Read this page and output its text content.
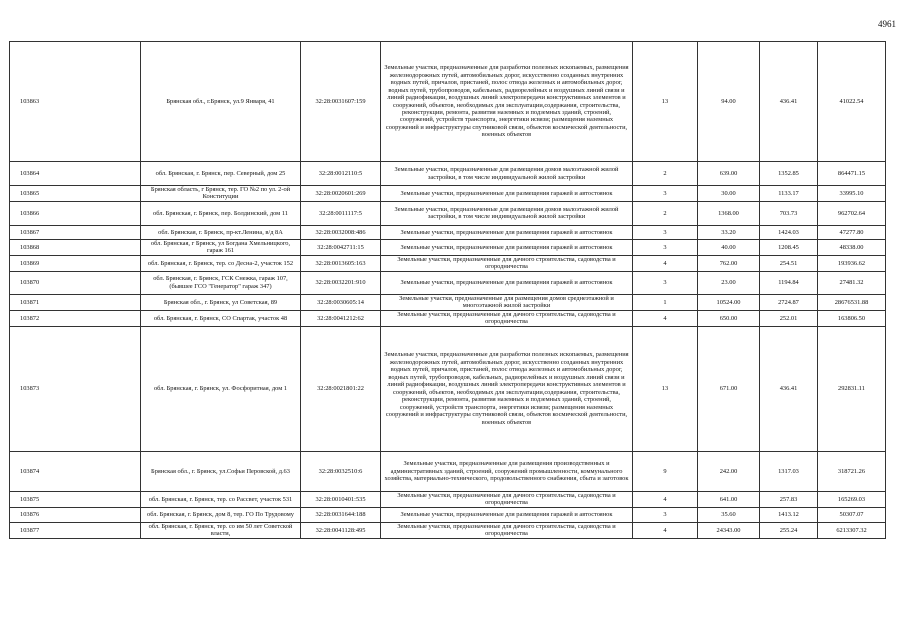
4961
103863	Брянская обл., г.Брянск, ул.9 Января, 41	32:28:0031607:159	Земельные участки, предназначенные для разработки полезных ископаемых, размещения железнодорожных путей, автомобильных дорог, искусственно созданных внутренних водных путей, причалов, пристаней, полос отвода железных и автомобильных дорог, водных путей, трубопроводов, кабельных, радиорелейных и воздушных линий связи и линий радиофикации, воздушных линий электропередачи конструктивных элементов и сооружений, объектов, необходимых для эксплуатации,содержания, строительства, реконструкции, ремонта, развития наземных и подземных зданий, строений, сооружений, устройств транспорта, энергетики исвязи; размещения наземных сооружений и инфраструктуры спутниковой связи, объектов космической деятельности, военных объектов	13	94.00	436.41	41022.54
103864	обл. Брянская, г. Брянск, пер. Северный, дом 25	32:28:0012110:5	Земельные участки, предназначенные для размещения домов малоэтажной жилой застройки, в том числе индивидуальной жилой застройки	2	639.00	1352.85	864471.15
103865	Брянская область, г Брянск, тер. ГО №2 по ул. 2-ой Конституции	32:28:0020601:269	Земельные участки, предназначенные для размещения гаражей и автостоянок	3	30.00	1133.17	33995.10
103866	обл. Брянская, г. Брянск, пер. Болдинский, дом 11	32:28:0011117:5	Земельные участки, предназначенные для размещения домов малоэтажной жилой застройки, в том числе индивидуальной жилой застройки	2	1368.00	703.73	962702.64
103867	обл. Брянская, г. Брянск, пр-кт.Ленина, в/д 8А	32:28:0032008:486	Земельные участки, предназначенные для размещения гаражей и автостоянок	3	33.20	1424.03	47277.80
103868	обл. Брянская, г Брянск, ул Богдана Хмельницкого, гараж 161	32:28:0042711:15	Земельные участки, предназначенные для размещения гаражей и автостоянок	3	40.00	1208.45	48338.00
103869	обл. Брянская, г. Брянск, тер. со Десна-2, участок 152	32:28:0013605:163	Земельные участки, предназначенные для дачного строительства, садоводства и огородничества	4	762.00	254.51	193936.62
103870	обл. Брянская, г. Брянск, ГСК Снежка, гараж 107, (бывшее ГСО "Генератор" гараж 347)	32:28:0032201:910	Земельные участки, предназначенные для размещения гаражей и автостоянок	3	23.00	1194.84	27481.32
103871	Брянская обл., г. Брянск, ул Советская, 89	32:28:0030605:14	Земельные участки, предназначенные для размещения домов среднеэтажной и многоэтажной жилой застройки	1	10524.00	2724.87	28676531.88
103872	обл. Брянская, г. Брянск, СО Спартак, участок 48	32:28:0041212:62	Земельные участки, предназначенные для дачного строительства, садоводства и огородничества	4	650.00	252.01	163806.50
103873	обл. Брянская, г. Брянск, ул. Фосфоритная, дом 1	32:28:0021801:22	Земельные участки, предназначенные для разработки полезных ископаемых, размещения железнодорожных путей, автомобильных дорог, искусственно созданных внутренних водных путей, причалов, пристаней, полос отвода железных и автомобильных дорог, водных путей, трубопроводов, кабельных, радиорелейных и воздушных линий связи и линий радиофикации, воздушных линий электропередачи конструктивных элементов и сооружений, объектов, необходимых для эксплуатации,содержания, строительства, реконструкции, ремонта, развития наземных и подземных зданий, строений, сооружений, устройств транспорта, энергетики исвязи; размещения наземных сооружений и инфраструктуры спутниковой связи, объектов космической деятельности, военных объектов	13	671.00	436.41	292831.11
103874	Брянская обл., г. Брянск, ул.Софьи Перовской, д.63	32:28:0032510:6	Земельные участки, предназначенные для размещения производственных и административных зданий, строений, сооружений промышленности, коммунального хозяйства, материально-технического, продовольственного снабжения, сбыта и заготовок	9	242.00	1317.03	318721.26
103875	обл. Брянская, г. Брянск, тер. со Рассвет, участок 531	32:28:0010401:535	Земельные участки, предназначенные для дачного строительства, садоводства и огородничества	4	641.00	257.83	165269.03
103876	обл. Брянская, г. Брянск, дом 8, тер. ГО По Трудовому	32:28:0031644:188	Земельные участки, предназначенные для размещения гаражей и автостоянок	3	35.60	1413.12	50307.07
103877	обл. Брянская, г. Брянск, тер. со им 50 лет Советской власти,	32:28:0041128:495	Земельные участки, предназначенные для дачного строительства, садоводства и огородничества	4	24343.00	255.24	6213307.32
